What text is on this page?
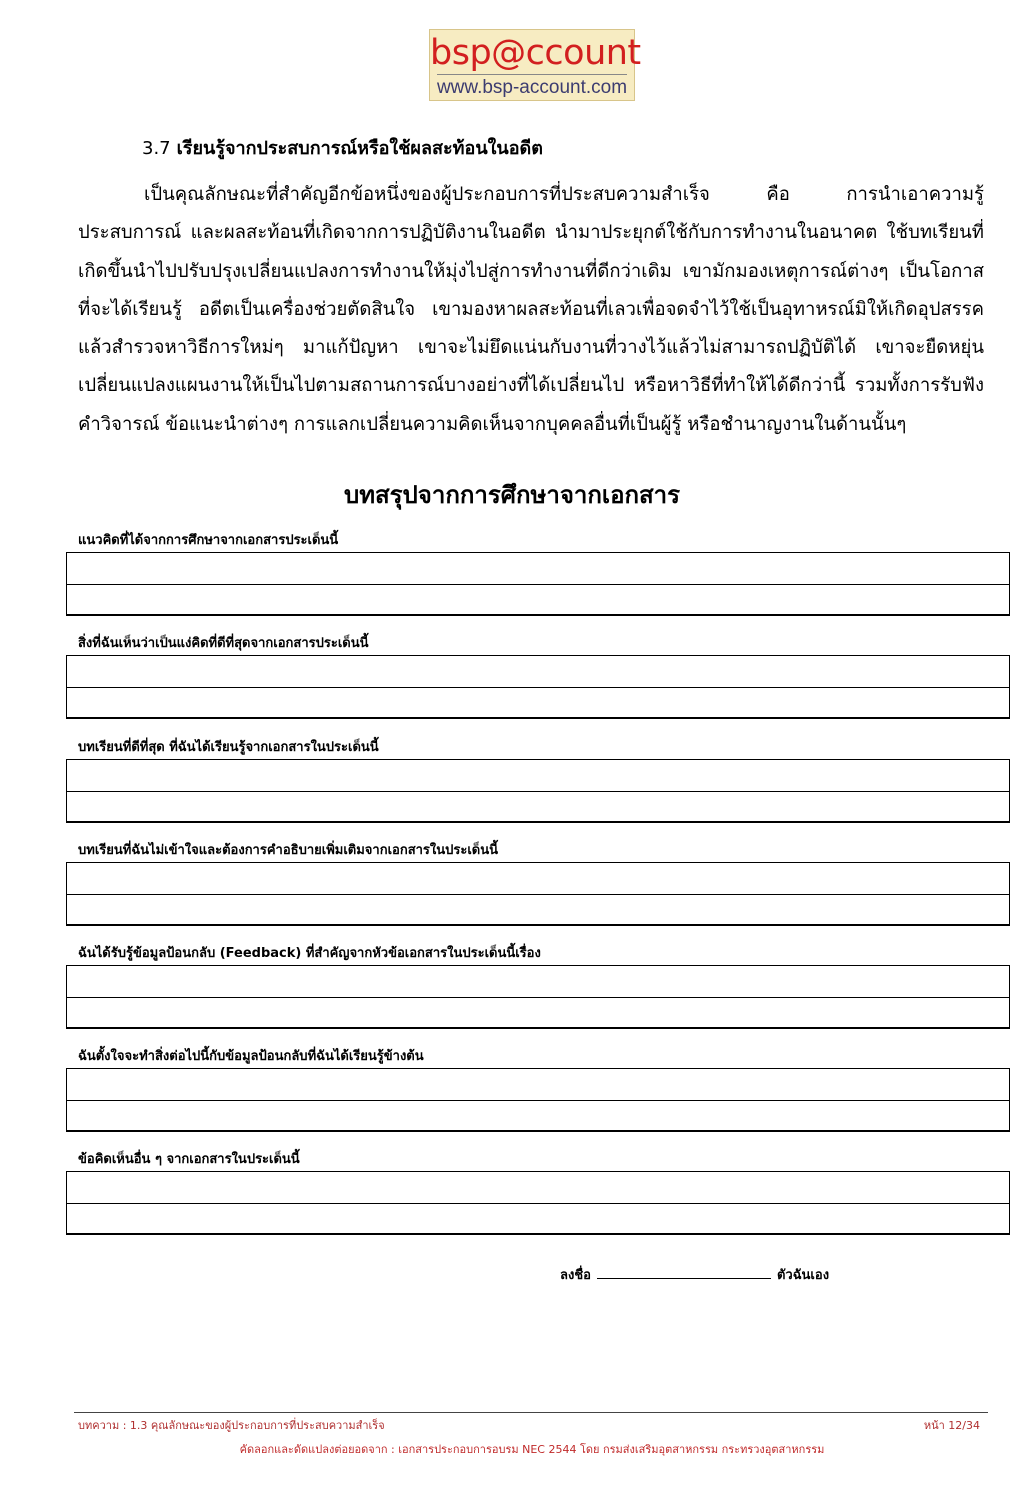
bsp@ccount
www.bsp-account.com
3.7 เรียนรู้จากประสบการณ์หรือใช้ผลสะท้อนในอดีต

เป็นคุณลักษณะที่สำคัญอีกข้อหนึ่งของผู้ประกอบการที่ประสบความสำเร็จ คือ การนำเอาความรู้ ประสบการณ์ และผลสะท้อนที่เกิดจากการปฏิบัติงานในอดีต นำมาประยุกต์ใช้กับการทำงานในอนาคต ใช้บทเรียนที่เกิดขึ้นนำไปปรับปรุงเปลี่ยนแปลงการทำงานให้มุ่งไปสู่การทำงานที่ดีกว่าเดิม เขามักมองเหตุการณ์ต่างๆ เป็นโอกาสที่จะได้เรียนรู้ อดีตเป็นเครื่องช่วยตัดสินใจ เขามองหาผลสะท้อนที่เลวเพื่อจดจำไว้ใช้เป็นอุทาหรณ์มิให้เกิดอุปสรรค แล้วสำรวจหาวิธีการใหม่ๆ มาแก้ปัญหา เขาจะไม่ยึดแน่นกับงานที่วางไว้แล้วไม่สามารถปฏิบัติได้ เขาจะยืดหยุ่นเปลี่ยนแปลงแผนงานให้เป็นไปตามสถานการณ์บางอย่างที่ได้เปลี่ยนไป หรือหาวิธีที่ทำให้ได้ดีกว่านี้ รวมทั้งการรับฟังคำวิจารณ์ ข้อแนะนำต่างๆ การแลกเปลี่ยนความคิดเห็นจากบุคคลอื่นที่เป็นผู้รู้ หรือชำนาญงานในด้านนั้นๆ

บทสรุปจากการศึกษาจากเอกสาร
แนวคิดที่ได้จากการศึกษาจากเอกสารประเด็นนี้
สิ่งที่ฉันเห็นว่าเป็นแง่คิดที่ดีที่สุดจากเอกสารประเด็นนี้
บทเรียนที่ดีที่สุด ที่ฉันได้เรียนรู้จากเอกสารในประเด็นนี้
บทเรียนที่ฉันไม่เข้าใจและต้องการคำอธิบายเพิ่มเติมจากเอกสารในประเด็นนี้
ฉันได้รับรู้ข้อมูลป้อนกลับ (Feedback) ที่สำคัญจากหัวข้อเอกสารในประเด็นนี้เรื่อง
ฉันตั้งใจจะทำสิ่งต่อไปนี้กับข้อมูลป้อนกลับที่ฉันได้เรียนรู้ข้างต้น
ข้อคิดเห็นอื่น ๆ จากเอกสารในประเด็นนี้
ลงชื่อ	ตัวฉันเอง
บทความ : 1.3 คุณลักษณะของผู้ประกอบการที่ประสบความสำเร็จ	หน้า 12/34
คัดลอกและดัดแปลงต่อยอดจาก : เอกสารประกอบการอบรม NEC 2544 โดย กรมส่งเสริมอุตสาหกรรม กระทรวงอุตสาหกรรม
